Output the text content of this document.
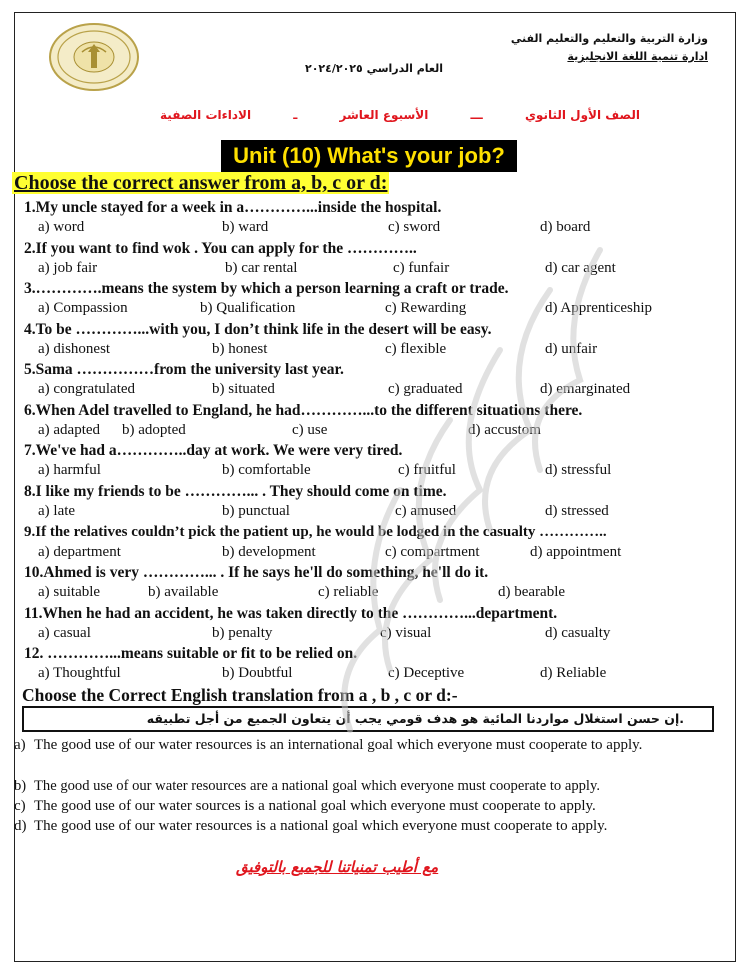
وزارة التربية والتعليم والتعليم الفني
ادارة تنمية اللغة الانجليزية
العام الدراسي ٢٠٢٤/٢٠٢٥
الصف الأول الثانوي
ـــ
الأسبوع العاشر
ـ
الاداءات الصفية
Unit (10) What's your job?
Choose the correct answer from a, b, c or d:
1.My uncle stayed for a week in a…………...inside the hospital.
a) word	b) ward	c) sword	d) board
2.If you want to find wok . You can apply for the …………..
a) job fair	b) car rental	c) funfair	d) car agent
3.………….means the system by which a person learning a craft or trade.
a) Compassion	b) Qualification	c) Rewarding	d) Apprenticeship
4.To be …………...with you, I don’t think life in the desert will be easy.
a) dishonest	b) honest	c) flexible	d) unfair
5.Sama ……………from the university last year.
a) congratulated	b) situated	c) graduated	d) emarginated
6.When Adel travelled to England, he had…………...to the different situations there.
a) adapted b) adopted	c) use	d) accustom
7.We've had a…………..day at work. We were very tired.
a) harmful	b) comfortable	c) fruitful	d) stressful
8.I like my friends to be …………... . They should come on time.
a) late	b) punctual	c) amused	d) stressed
9.If the relatives couldn’t pick the patient up, he would be lodged in the casualty …………..
a) department	b) development	c) compartment	d) appointment
10.Ahmed is very …………... . If he says he'll do something, he'll do it.
a) suitable	b) available	c) reliable	d) bearable
11.When he had an accident, he was taken directly to the …………...department.
a) casual	b) penalty	c) visual	d) casualty
12. …………...means suitable or fit to be relied on.
a) Thoughtful	b) Doubtful	c) Deceptive	d) Reliable
Choose the Correct English translation from a , b , c or d:-
.إن حسن استغلال مواردنا المائية هو هدف قومي يجب أن يتعاون الجميع من أجل تطبيقه
a) The good use of our water resources is an international goal which everyone must cooperate to apply.
b) The good use of our water resources are a national goal which everyone must cooperate to apply.
c) The good use of our water sources is a national goal which everyone must cooperate to apply.
d) The good use of our water resources is a national goal which everyone must cooperate to apply.
مع أطيب تمنياتنا للجميع بالتوفيق
